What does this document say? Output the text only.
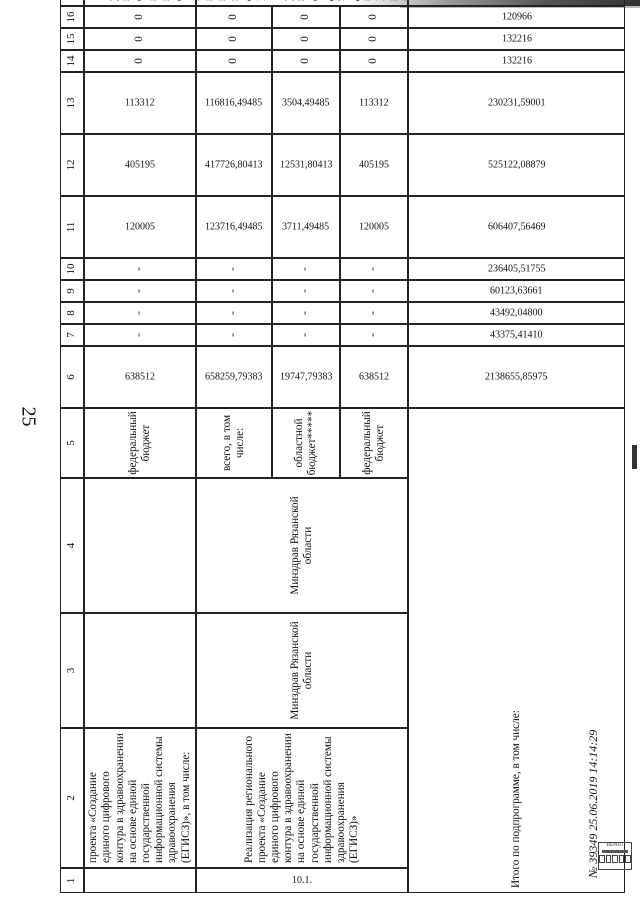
25
1
2
3
4
5
6
7
8
9
10
11
12
13
14
15
16
проекта «Создание единого цифрового контура в здравоохранении на основе единой государственной информационной системы здравоохранения (ЕГИСЗ)», в том числе:
федеральный бюджет
638512
-
-
-
-
120005
405195
113312
0
0
0
10.1.
Реализация регионального проекта «Создание единого цифрового контура в здравоохранении на основе единой государственной информационной системы здравоохранения (ЕГИСЗ)»
Минздрав Рязанской области
Минздрав Рязанской области
всего, в том числе:
658259,79383
-
-
-
-
123716,49485
417726,80413
116816,49485
0
0
0
областной бюджет*****
19747,79383
-
-
-
-
3711,49485
12531,80413
3504,49485
0
0
0
федеральный бюджет
638512
-
-
-
-
120005
405195
113312
0
0
0
Итого по подпрограмме, в том числе:
2138655,85975
43375,41410
43492,04800
60123,63661
236405,51755
606407,56469
525122,08879
230231,59001
132216
132216
120966
№ 39349 25.06.2019 14:14:29	ВЕРНО
